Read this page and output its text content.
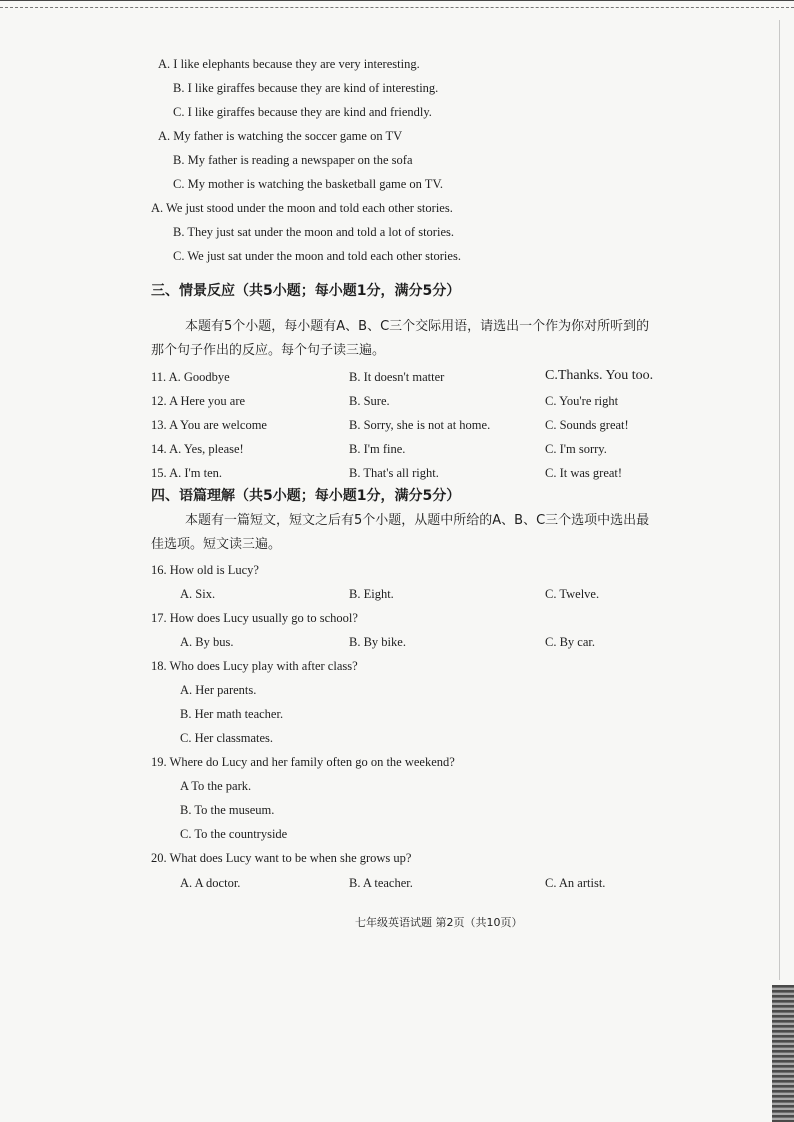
A. I like elephants because they are very interesting.
B. I like giraffes because they are kind of interesting.
C. I like giraffes because they are kind and friendly.
A. My father is watching the soccer game on TV
B. My father is reading a newspaper on the sofa
C. My mother is watching the basketball game on TV.
A. We just stood under the moon and told each other stories.
B. They just sat under the moon and told a lot of stories.
C. We just sat under the moon and told each other stories.
三、情景反应（共5小题；每小题1分，满分5分）
本题有5个小题，每小题有A、B、C三个交际用语，请选出一个作为你对所听到的
那个句子作出的反应。每个句子读三遍。
11. A. Goodbye	B. It doesn't matter	C.Thanks. You too.
12. A Here you are	B. Sure.	C. You're right
13. A You are welcome	B. Sorry, she is not at home.	C. Sounds great!
14. A. Yes, please!	B. I'm fine.	C. I'm sorry.
15. A. I'm ten.	B. That's all right.	C. It was great!
四、语篇理解（共5小题；每小题1分，满分5分）
本题有一篇短文，短文之后有5个小题，从题中所给的A、B、C三个选项中选出最
佳选项。短文读三遍。
16. How old is Lucy?
A. Six.	B. Eight.	C. Twelve.
17. How does Lucy usually go to school?
A. By bus.	B. By bike.	C. By car.
18. Who does Lucy play with after class?
A. Her parents.
B. Her math teacher.
C. Her classmates.
19. Where do Lucy and her family often go on the weekend?
A To the park.
B. To the museum.
C. To the countryside
20. What does Lucy want to be when she grows up?
A. A doctor.	B. A teacher.	C. An artist.
七年级英语试题 第2页（共10页）
